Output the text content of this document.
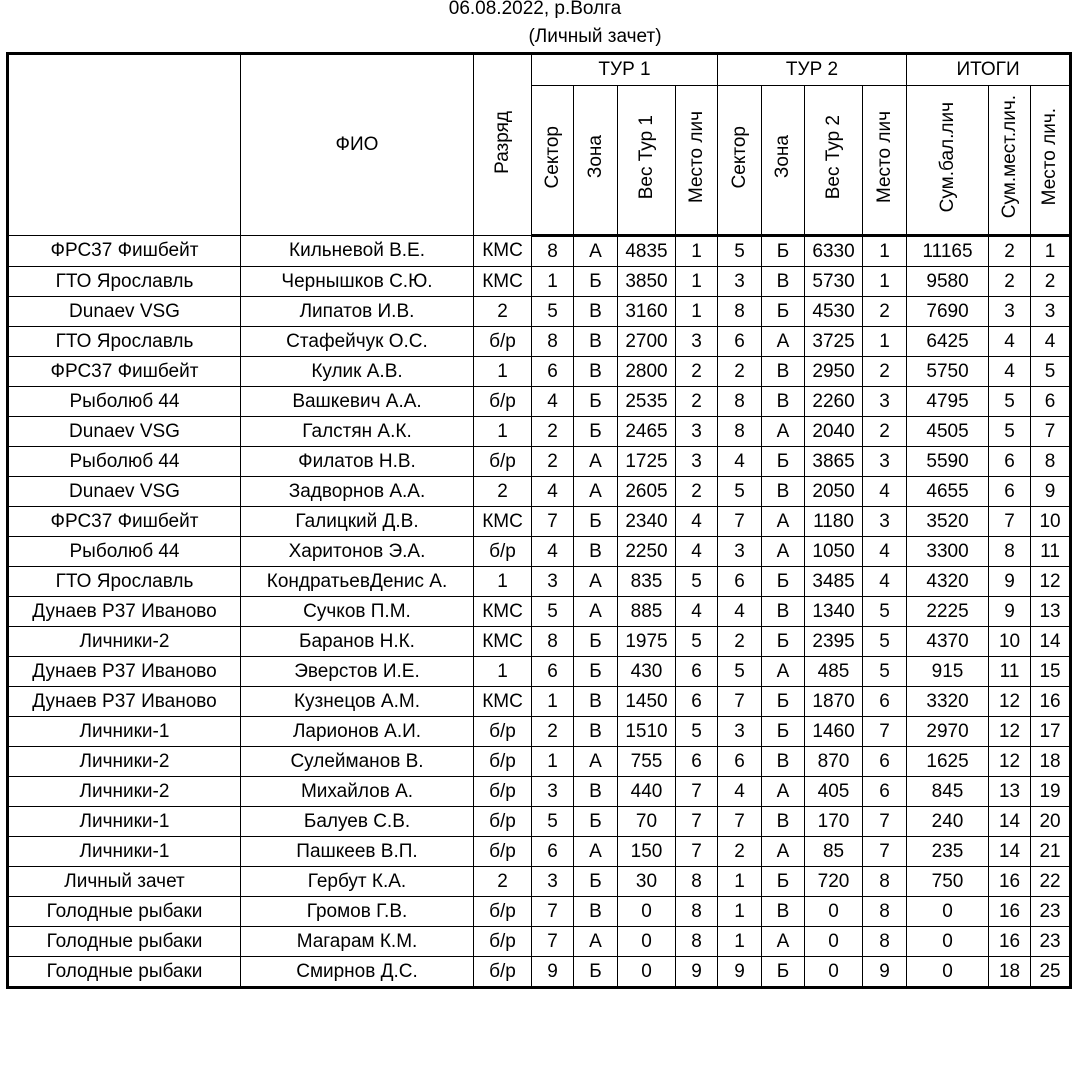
06.08.2022, р.Волга
(Личный зачет)
	ФИО	Разряд	ТУР 1				ТУР 2				ИТОГИ		
			Сектор	Зона	Вес Тур 1	Место лич	Сектор	Зона	Вес Тур 2	Место лич	Сум.бал.лич	Сум.мест.лич.	Место лич.
ФРС37 Фишбейт	Кильневой В.Е.	КМС	8	А	4835	1	5	Б	6330	1	11165	2	1
ГТО Ярославль	Чернышков С.Ю.	КМС	1	Б	3850	1	3	В	5730	1	9580	2	2
Dunaev VSG	Липатов И.В.	2	5	В	3160	1	8	Б	4530	2	7690	3	3
ГТО Ярославль	Стафейчук О.С.	б/р	8	В	2700	3	6	А	3725	1	6425	4	4
ФРС37 Фишбейт	Кулик А.В.	1	6	В	2800	2	2	В	2950	2	5750	4	5
Рыболюб 44	Вашкевич А.А.	б/р	4	Б	2535	2	8	В	2260	3	4795	5	6
Dunaev VSG	Галстян А.К.	1	2	Б	2465	3	8	А	2040	2	4505	5	7
Рыболюб 44	Филатов Н.В.	б/р	2	А	1725	3	4	Б	3865	3	5590	6	8
Dunaev VSG	Задворнов А.А.	2	4	А	2605	2	5	В	2050	4	4655	6	9
ФРС37 Фишбейт	Галицкий Д.В.	КМС	7	Б	2340	4	7	А	1180	3	3520	7	10
Рыболюб 44	Харитонов Э.А.	б/р	4	В	2250	4	3	А	1050	4	3300	8	11
ГТО Ярославль	КондратьевДенис А.	1	3	А	835	5	6	Б	3485	4	4320	9	12
Дунаев Р37 Иваново	Сучков П.М.	КМС	5	А	885	4	4	В	1340	5	2225	9	13
Личники-2	Баранов Н.К.	КМС	8	Б	1975	5	2	Б	2395	5	4370	10	14
Дунаев Р37 Иваново	Эверстов И.Е.	1	6	Б	430	6	5	А	485	5	915	11	15
Дунаев Р37 Иваново	Кузнецов А.М.	КМС	1	В	1450	6	7	Б	1870	6	3320	12	16
Личники-1	Ларионов А.И.	б/р	2	В	1510	5	3	Б	1460	7	2970	12	17
Личники-2	Сулейманов В.	б/р	1	А	755	6	6	В	870	6	1625	12	18
Личники-2	Михайлов А.	б/р	3	В	440	7	4	А	405	6	845	13	19
Личники-1	Балуев С.В.	б/р	5	Б	70	7	7	В	170	7	240	14	20
Личники-1	Пашкеев В.П.	б/р	6	А	150	7	2	А	85	7	235	14	21
Личный зачет	Гербут К.А.	2	3	Б	30	8	1	Б	720	8	750	16	22
Голодные рыбаки	Громов Г.В.	б/р	7	В	0	8	1	В	0	8	0	16	23
Голодные рыбаки	Магарам К.М.	б/р	7	А	0	8	1	А	0	8	0	16	23
Голодные рыбаки	Смирнов Д.С.	б/р	9	Б	0	9	9	Б	0	9	0	18	25
